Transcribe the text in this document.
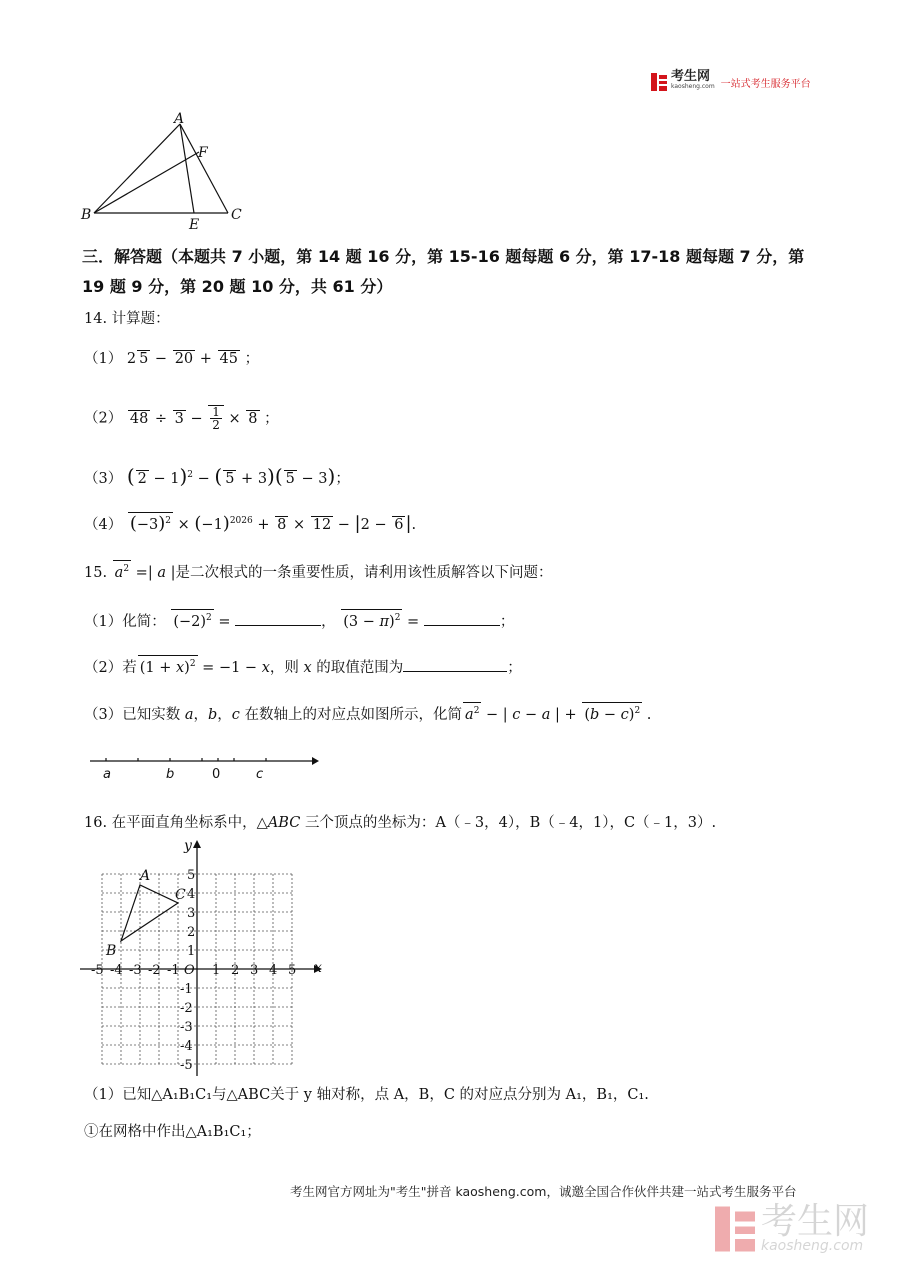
考生网
kaosheng.com 一站式考生服务平台
A
F
B
E
C
三．解答题（本题共 7 小题，第 14 题 16 分，第 15-16 题每题 6 分，第 17-18 题每题 7 分，第
19 题 9 分，第 20 题 10 分，共 61 分）
14. 计算题：
（1） 2 5 − 20 + 45 ；
（2） $48 \div 3 - \frac{1}{2} \times 8$ ；
（3） ( 2 − 1)$^2$ − ( 5 + 3)( 5 − 3)；
（4） $(-3)^2 \times (-1)^{2026} + 8 \times 12 - |2 - 6$ |.
15. $a^2$ =| a |是二次根式的一条重要性质，请利用该性质解答以下问题：
（1）化简： $(-2)^2$ =	， $(3 - \pi)^2$ =	；
（2）若 $(1 + x)^2 = -1 - x$，则 x 的取值范围为	；
（3）已知实数 a，b，c 在数轴上的对应点如图所示，化简 $a^2$ − | c − a | + $(b - c)^2$ .
a	b	0	c
16. 在平面直角坐标系中，△ABC 三个顶点的坐标为：A（﹣3，4），B（﹣4，1），C（﹣1，3）.
-5 -4 -3 -2 -1 O 1 2 3 4 5
5
4
3
2
1
-1
-2
-3
-4
-5
x
y
A
B
C
（1）已知△A₁B₁C₁与△ABC关于 y 轴对称，点 A，B，C 的对应点分别为 A₁，B₁，C₁.
①在网格中作出△A₁B₁C₁；
考生网官方网址为"考生"拼音 kaosheng.com，诚邀全国合作伙伴共建一站式考生服务平台
考生网
kaosheng.com
